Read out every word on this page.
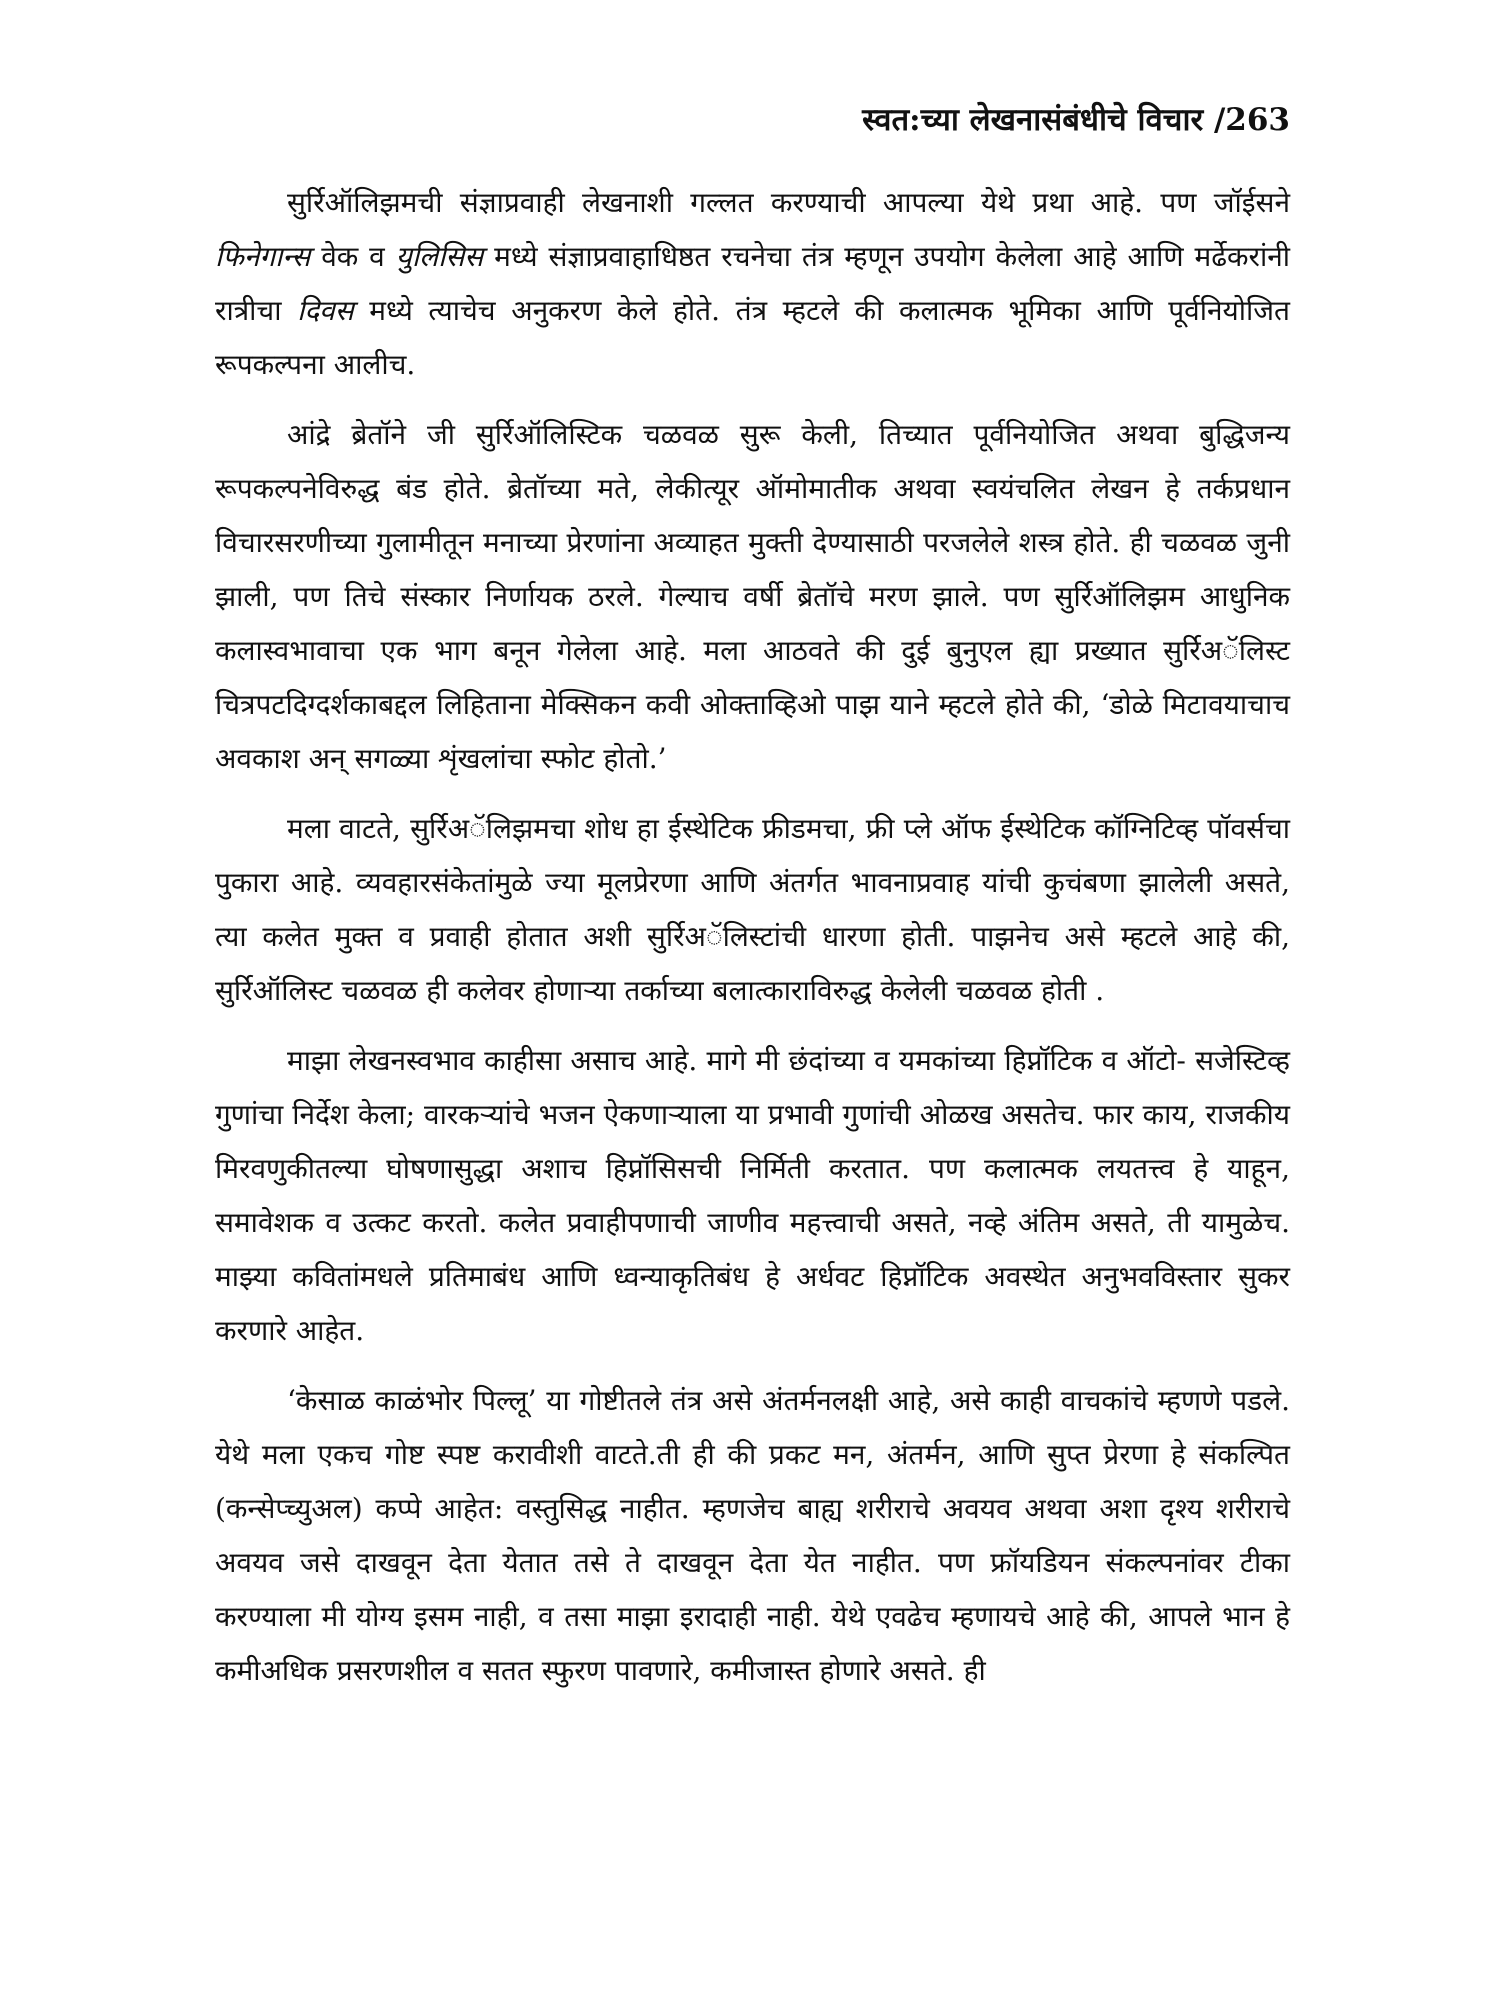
स्वत:च्या लेखनासंबंधीचे विचार /263

सुर्रिऑलिझमची संज्ञाप्रवाही लेखनाशी गल्लत करण्याची आपल्या येथे प्रथा आहे. पण जॉईसने फिनेगान्स वेक व युलिसिस मध्ये संज्ञाप्रवाहाधिष्ठत रचनेचा तंत्र म्हणून उपयोग केलेला आहे आणि मर्ढेकरांनी रात्रीचा दिवस मध्ये त्याचेच अनुकरण केले होते. तंत्र म्हटले की कलात्मक भूमिका आणि पूर्वनियोजित रूपकल्पना आलीच.

आंद्रे ब्रेतॉने जी सुर्रिऑलिस्टिक चळवळ सुरू केली, तिच्यात पूर्वनियोजित अथवा बुद्धिजन्य रूपकल्पनेविरुद्ध बंड होते. ब्रेतॉच्या मते, लेकीत्यूर ऑमोमातीक अथवा स्वयंचलित लेखन हे तर्कप्रधान विचारसरणीच्या गुलामीतून मनाच्या प्रेरणांना अव्याहत मुक्ती देण्यासाठी परजलेले शस्त्र होते. ही चळवळ जुनी झाली, पण तिचे संस्कार निर्णायक ठरले. गेल्याच वर्षी ब्रेतॉचे मरण झाले. पण सुर्रिऑलिझम आधुनिक कलास्वभावाचा एक भाग बनून गेलेला आहे. मला आठवते की दुई बुनुएल ह्या प्रख्यात सुर्रिअॅलिस्ट चित्रपटदिग्दर्शकाबद्दल लिहिताना मेक्सिकन कवी ओक्ताव्हिओ पाझ याने म्हटले होते की, ‘डोळे मिटावयाचाच अवकाश अन् सगळ्या शृंखलांचा स्फोट होतो.’

मला वाटते, सुर्रिअॅलिझमचा शोध हा ईस्थेटिक फ्रीडमचा, फ्री प्ले ऑफ ईस्थेटिक कॉग्निटिव्ह पॉवर्सचा पुकारा आहे. व्यवहारसंकेतांमुळे ज्या मूलप्रेरणा आणि अंतर्गत भावनाप्रवाह यांची कुचंबणा झालेली असते, त्या कलेत मुक्त व प्रवाही होतात अशी सुर्रिअॅलिस्टांची धारणा होती. पाझनेच असे म्हटले आहे की, सुर्रिऑलिस्ट चळवळ ही कलेवर होणाऱ्या तर्काच्या बलात्काराविरुद्ध केलेली चळवळ होती .

माझा लेखनस्वभाव काहीसा असाच आहे. मागे मी छंदांच्या व यमकांच्या हिप्नॉटिक व ऑटो- सजेस्टिव्ह गुणांचा निर्देश केला; वारकऱ्यांचे भजन ऐकणाऱ्याला या प्रभावी गुणांची ओळख असतेच. फार काय, राजकीय मिरवणुकीतल्या घोषणासुद्धा अशाच हिप्नॉसिसची निर्मिती करतात. पण कलात्मक लयतत्त्व हे याहून, समावेशक व उत्कट करतो. कलेत प्रवाहीपणाची जाणीव महत्त्वाची असते, नव्हे अंतिम असते, ती यामुळेच. माझ्या कवितांमधले प्रतिमाबंध आणि ध्वन्याकृतिबंध हे अर्धवट हिप्नॉटिक अवस्थेत अनुभवविस्तार सुकर करणारे आहेत.

‘केसाळ काळंभोर पिल्लू’ या गोष्टीतले तंत्र असे अंतर्मनलक्षी आहे, असे काही वाचकांचे म्हणणे पडले. येथे मला एकच गोष्ट स्पष्ट करावीशी वाटते.ती ही की प्रकट मन, अंतर्मन, आणि सुप्त प्रेरणा हे संकल्पित (कन्सेप्च्युअल) कप्पे आहेत: वस्तुसिद्ध नाहीत. म्हणजेच बाह्य शरीराचे अवयव अथवा अशा दृश्य शरीराचे अवयव जसे दाखवून देता येतात तसे ते दाखवून देता येत नाहीत. पण फ्रॉयडियन संकल्पनांवर टीका करण्याला मी योग्य इसम नाही, व तसा माझा इरादाही नाही. येथे एवढेच म्हणायचे आहे की, आपले भान हे कमीअधिक प्रसरणशील व सतत स्फुरण पावणारे, कमीजास्त होणारे असते. ही
